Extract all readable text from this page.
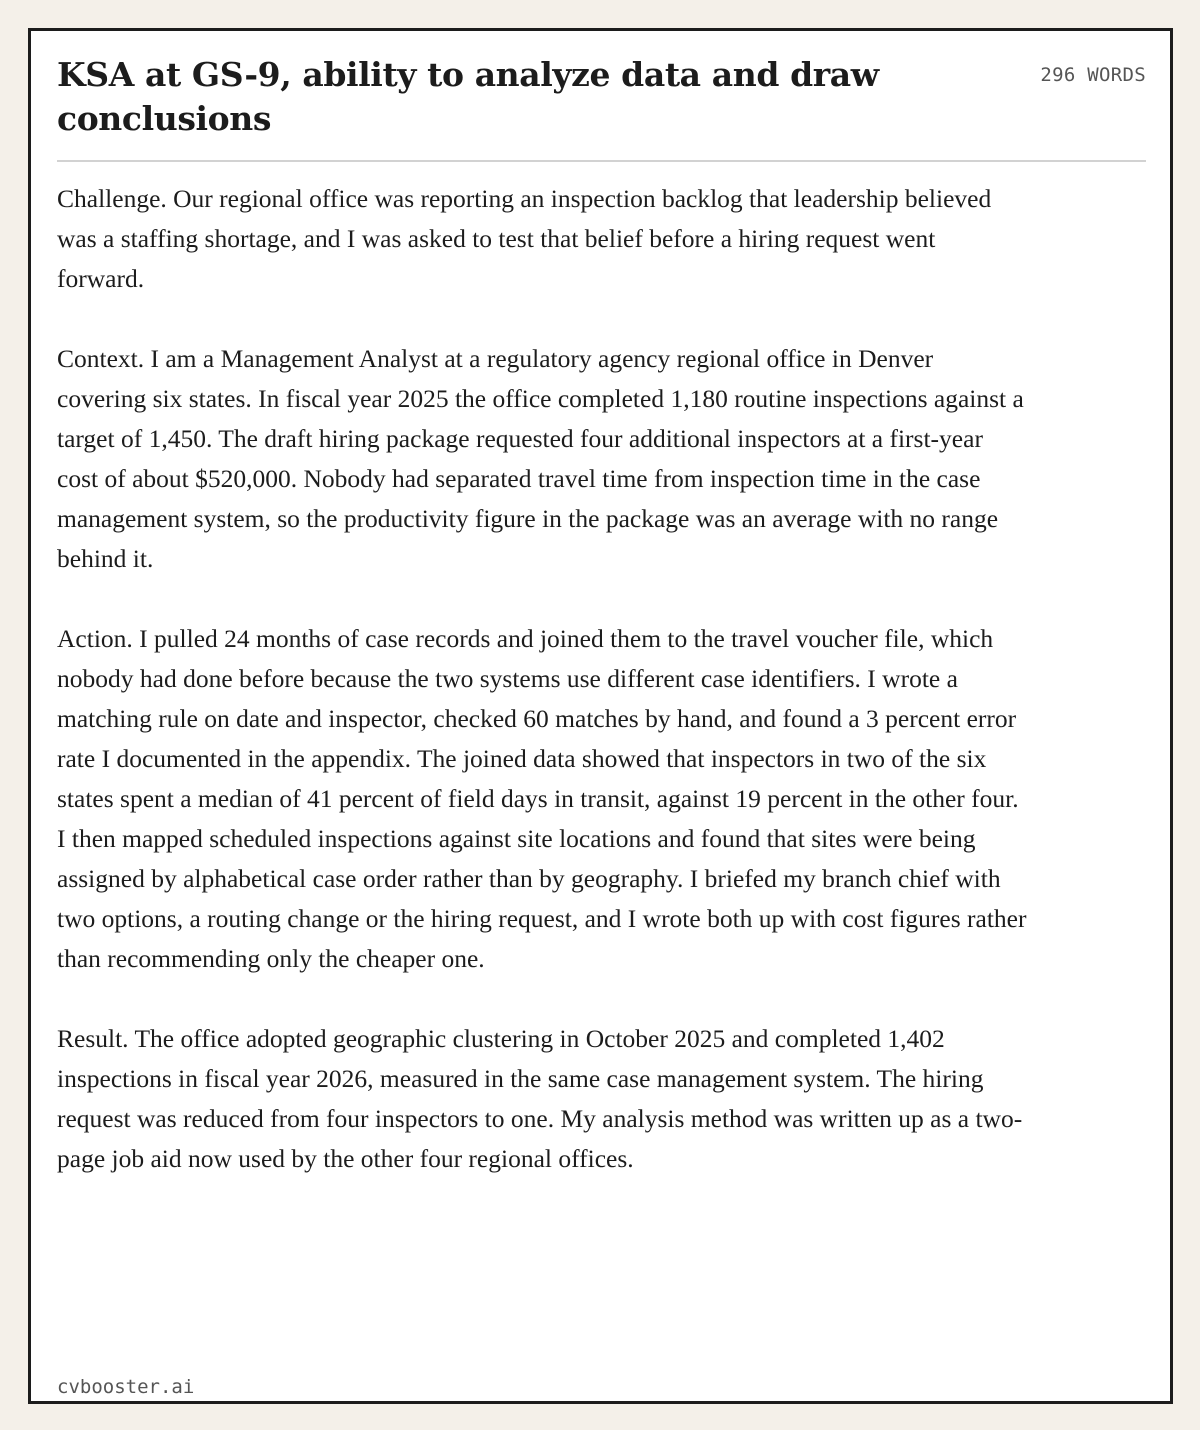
KSA at GS-9, ability to analyze data and draw conclusions
296 WORDS

Challenge. Our regional office was reporting an inspection backlog that leadership believed was a staffing shortage, and I was asked to test that belief before a hiring request went forward.

Context. I am a Management Analyst at a regulatory agency regional office in Denver covering six states. In fiscal year 2025 the office completed 1,180 routine inspections against a target of 1,450. The draft hiring package requested four additional inspectors at a first-year cost of about $520,000. Nobody had separated travel time from inspection time in the case management system, so the productivity figure in the package was an average with no range behind it.

Action. I pulled 24 months of case records and joined them to the travel voucher file, which nobody had done before because the two systems use different case identifiers. I wrote a matching rule on date and inspector, checked 60 matches by hand, and found a 3 percent error rate I documented in the appendix. The joined data showed that inspectors in two of the six states spent a median of 41 percent of field days in transit, against 19 percent in the other four. I then mapped scheduled inspections against site locations and found that sites were being assigned by alphabetical case order rather than by geography. I briefed my branch chief with two options, a routing change or the hiring request, and I wrote both up with cost figures rather than recommending only the cheaper one.

Result. The office adopted geographic clustering in October 2025 and completed 1,402 inspections in fiscal year 2026, measured in the same case management system. The hiring request was reduced from four inspectors to one. My analysis method was written up as a two-page job aid now used by the other four regional offices.

cvbooster.ai
